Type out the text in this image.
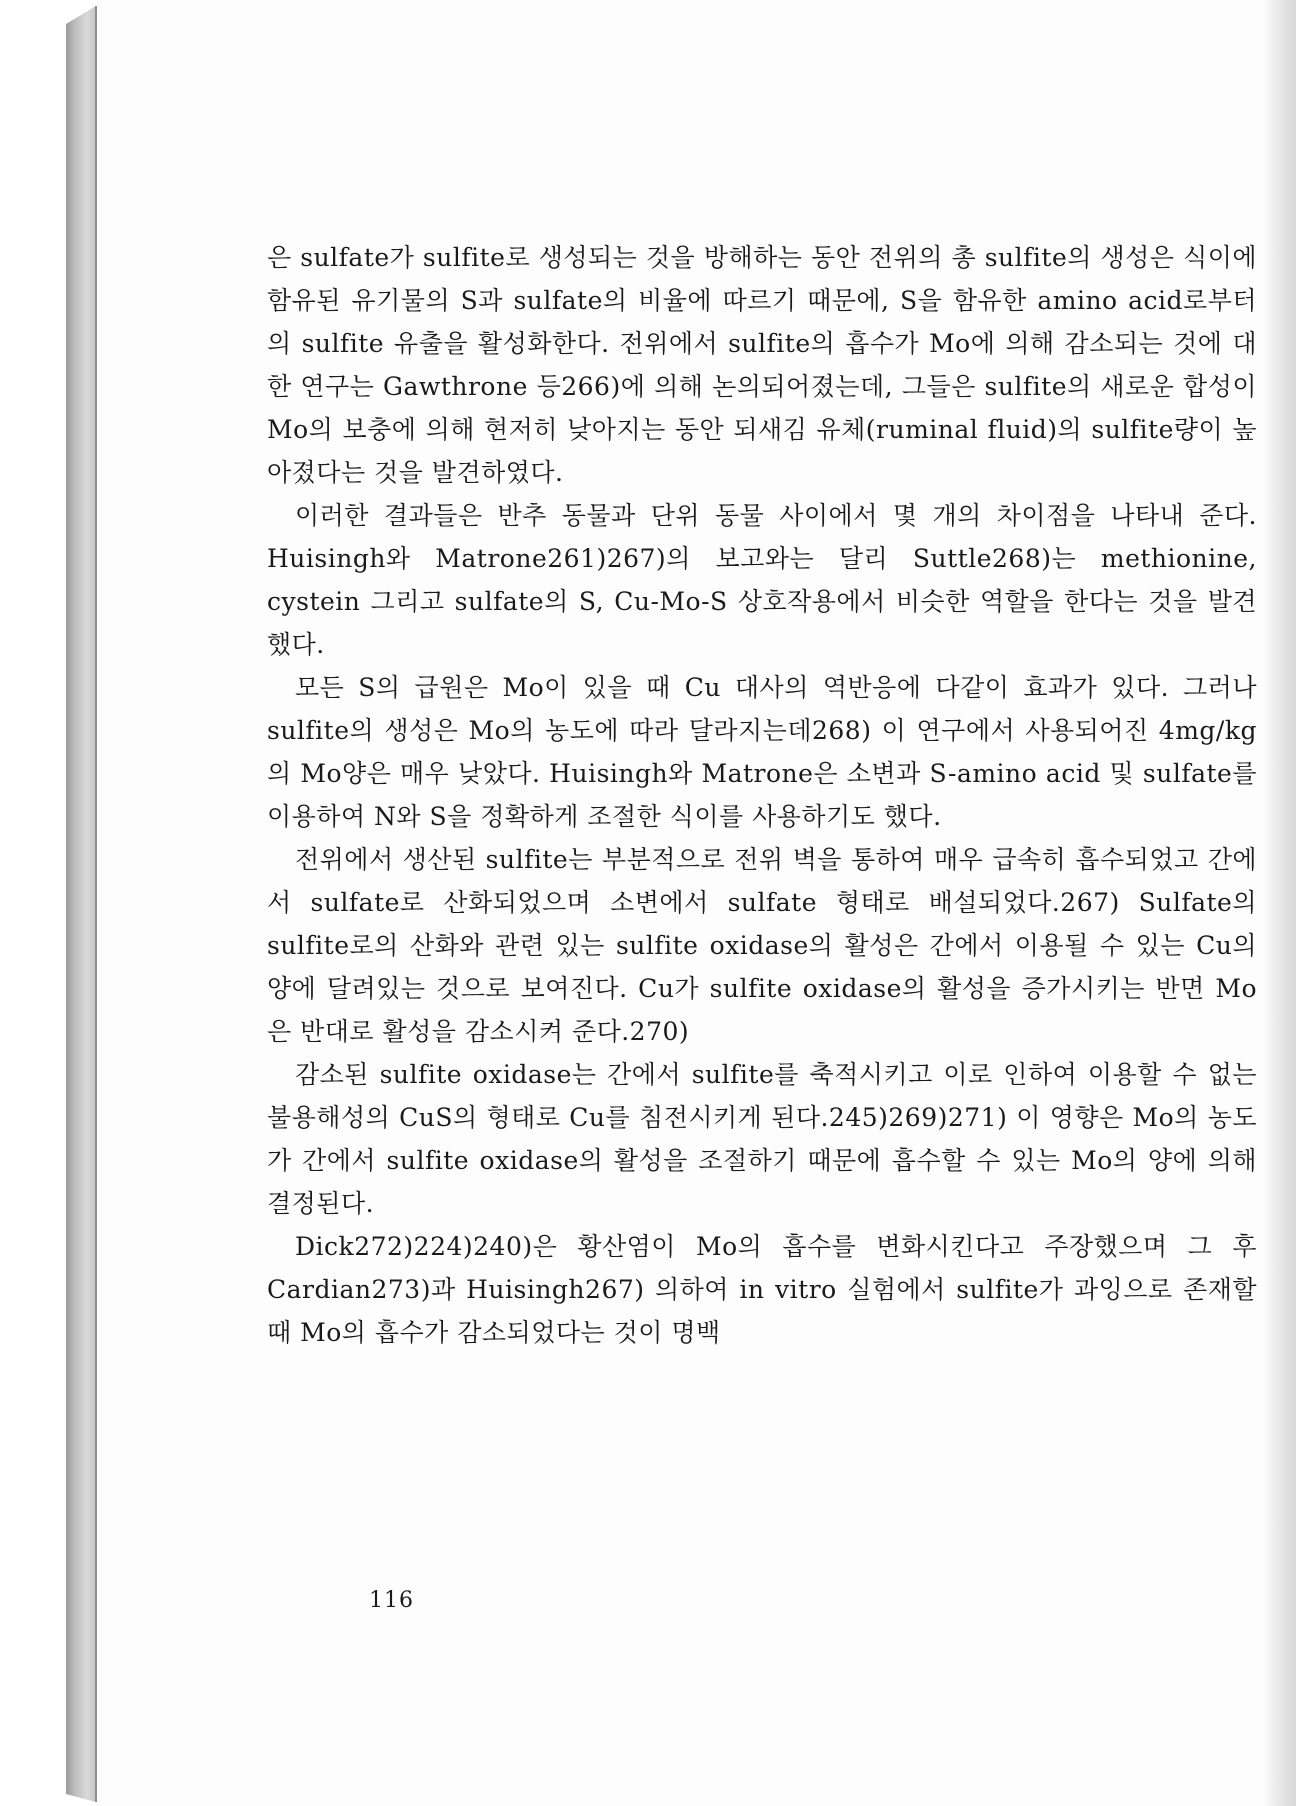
은 sulfate가 sulfite로 생성되는 것을 방해하는 동안 전위의 총 sulfite의 생성은 식이에 함유된 유기물의 S과 sulfate의 비율에 따르기 때문에, S을 함유한 amino acid로부터의 sulfite 유출을 활성화한다. 전위에서 sulfite의 흡수가 Mo에 의해 감소되는 것에 대한 연구는 Gawthrone 등266)에 의해 논의되어졌는데, 그들은 sulfite의 새로운 합성이 Mo의 보충에 의해 현저히 낮아지는 동안 되새김 유체(ruminal fluid)의 sulfite량이 높아졌다는 것을 발견하였다.

이러한 결과들은 반추 동물과 단위 동물 사이에서 몇 개의 차이점을 나타내 준다. Huisingh와 Matrone261)267)의 보고와는 달리 Suttle268)는 methionine, cystein 그리고 sulfate의 S, Cu-Mo-S 상호작용에서 비슷한 역할을 한다는 것을 발견했다.

모든 S의 급원은 Mo이 있을 때 Cu 대사의 역반응에 다같이 효과가 있다. 그러나 sulfite의 생성은 Mo의 농도에 따라 달라지는데268) 이 연구에서 사용되어진 4mg/kg의 Mo양은 매우 낮았다. Huisingh와 Matrone은 소변과 S-amino acid 및 sulfate를 이용하여 N와 S을 정확하게 조절한 식이를 사용하기도 했다.

전위에서 생산된 sulfite는 부분적으로 전위 벽을 통하여 매우 급속히 흡수되었고 간에서 sulfate로 산화되었으며 소변에서 sulfate 형태로 배설되었다.267) Sulfate의 sulfite로의 산화와 관련 있는 sulfite oxidase의 활성은 간에서 이용될 수 있는 Cu의 양에 달려있는 것으로 보여진다. Cu가 sulfite oxidase의 활성을 증가시키는 반면 Mo은 반대로 활성을 감소시켜 준다.270)

감소된 sulfite oxidase는 간에서 sulfite를 축적시키고 이로 인하여 이용할 수 없는 불용해성의 CuS의 형태로 Cu를 침전시키게 된다.245)269)271) 이 영향은 Mo의 농도가 간에서 sulfite oxidase의 활성을 조절하기 때문에 흡수할 수 있는 Mo의 양에 의해 결정된다.

Dick272)224)240)은 황산염이 Mo의 흡수를 변화시킨다고 주장했으며 그 후 Cardian273)과 Huisingh267) 의하여 in vitro 실험에서 sulfite가 과잉으로 존재할 때 Mo의 흡수가 감소되었다는 것이 명백

116
